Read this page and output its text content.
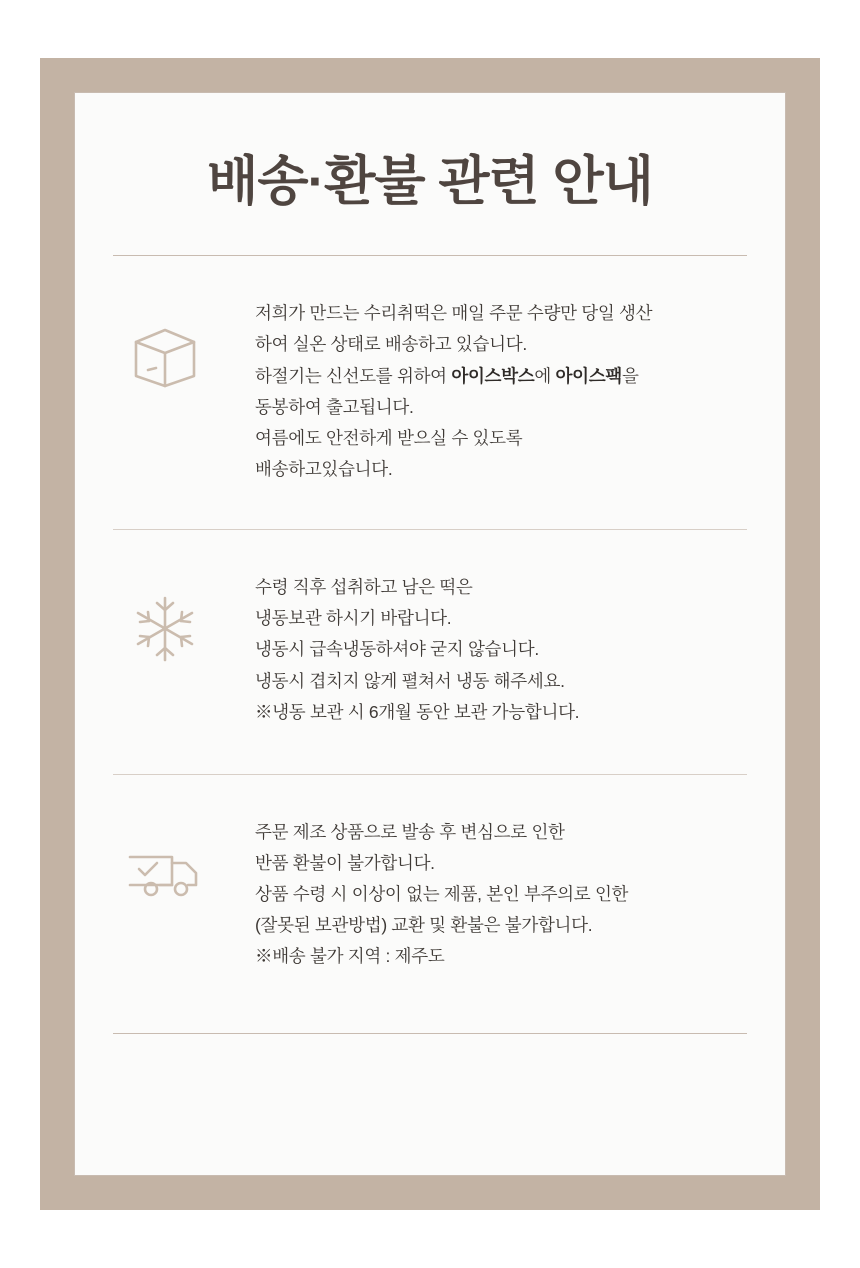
배송·환불 관련 안내

저희가 만드는 수리취떡은 매일 주문 수량만 당일 생산

하여 실온 상태로 배송하고 있습니다.

하절기는 신선도를 위하여 아이스박스에 아이스팩을

동봉하여 출고됩니다.

여름에도 안전하게 받으실 수 있도록

배송하고있습니다.

수령 직후 섭취하고 남은 떡은

냉동보관 하시기 바랍니다.

냉동시 급속냉동하셔야 굳지 않습니다.

냉동시 겹치지 않게 펼쳐서 냉동 해주세요.

※냉동 보관 시 6개월 동안 보관 가능합니다.

주문 제조 상품으로 발송 후 변심으로 인한

반품 환불이 불가합니다.

상품 수령 시 이상이 없는 제품, 본인 부주의로 인한

(잘못된 보관방법) 교환 및 환불은 불가합니다.

※배송 불가 지역 : 제주도
